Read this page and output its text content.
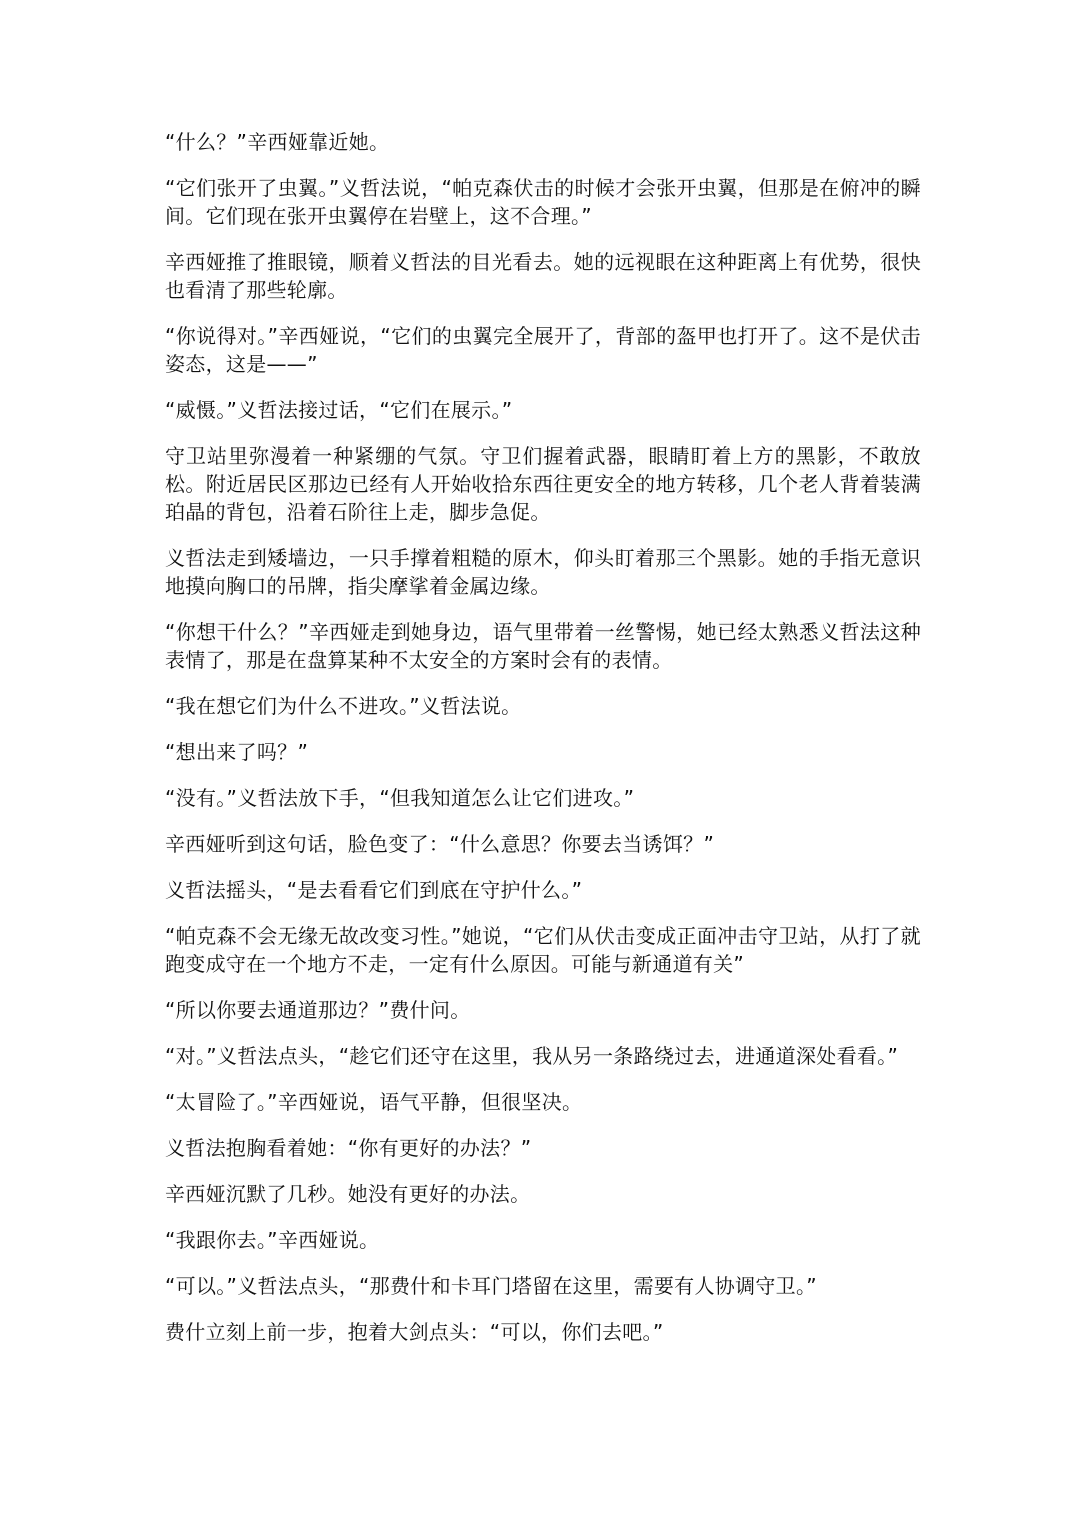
“什么？”辛西娅靠近她。

“它们张开了虫翼。”义哲法说，“帕克森伏击的时候才会张开虫翼，但那是在俯冲的瞬间。它们现在张开虫翼停在岩壁上，这不合理。”

辛西娅推了推眼镜，顺着义哲法的目光看去。她的远视眼在这种距离上有优势，很快也看清了那些轮廓。

“你说得对。”辛西娅说，“它们的虫翼完全展开了，背部的盔甲也打开了。这不是伏击姿态，这是——”

“威慑。”义哲法接过话，“它们在展示。”

守卫站里弥漫着一种紧绷的气氛。守卫们握着武器，眼睛盯着上方的黑影，不敢放松。附近居民区那边已经有人开始收拾东西往更安全的地方转移，几个老人背着装满珀晶的背包，沿着石阶往上走，脚步急促。

义哲法走到矮墙边，一只手撑着粗糙的原木，仰头盯着那三个黑影。她的手指无意识地摸向胸口的吊牌，指尖摩挲着金属边缘。

“你想干什么？”辛西娅走到她身边，语气里带着一丝警惕，她已经太熟悉义哲法这种表情了，那是在盘算某种不太安全的方案时会有的表情。

“我在想它们为什么不进攻。”义哲法说。

“想出来了吗？”

“没有。”义哲法放下手，“但我知道怎么让它们进攻。”

辛西娅听到这句话，脸色变了：“什么意思？你要去当诱饵？”

义哲法摇头，“是去看看它们到底在守护什么。”

“帕克森不会无缘无故改变习性。”她说，“它们从伏击变成正面冲击守卫站，从打了就跑变成守在一个地方不走，一定有什么原因。可能与新通道有关”

“所以你要去通道那边？”费什问。

“对。”义哲法点头，“趁它们还守在这里，我从另一条路绕过去，进通道深处看看。”

“太冒险了。”辛西娅说，语气平静，但很坚决。

义哲法抱胸看着她：“你有更好的办法？”

辛西娅沉默了几秒。她没有更好的办法。

“我跟你去。”辛西娅说。

“可以。”义哲法点头，“那费什和卡耳门塔留在这里，需要有人协调守卫。”

费什立刻上前一步，抱着大剑点头：“可以，你们去吧。”
